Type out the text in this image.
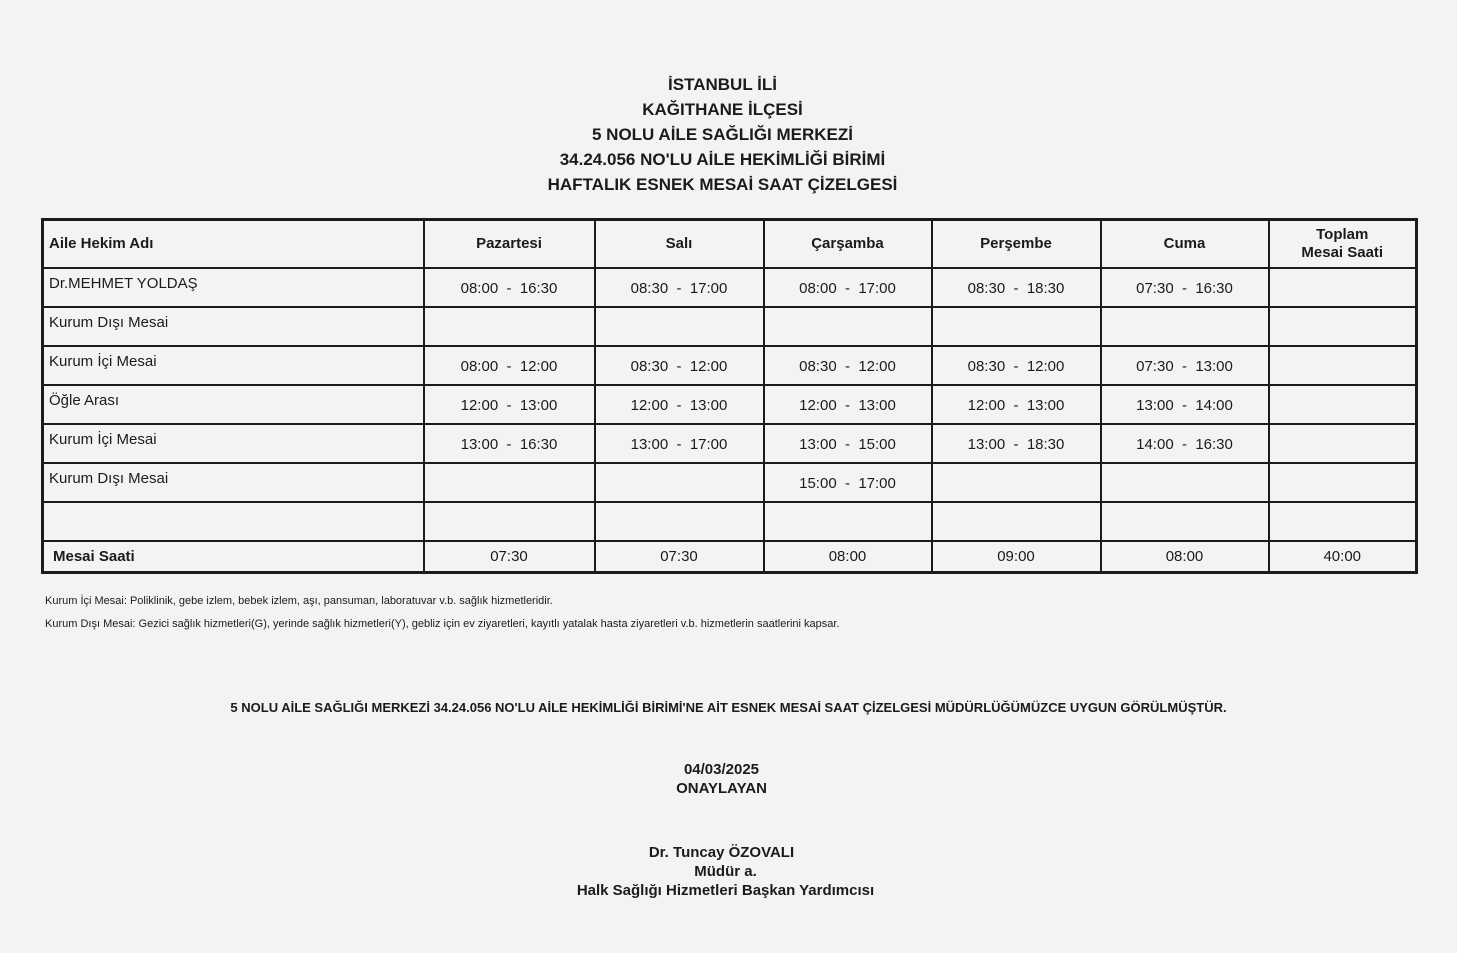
İSTANBUL İLİ
KAĞITHANE İLÇESİ
5 NOLU AİLE SAĞLIĞI MERKEZİ
34.24.056 NO'LU AİLE HEKİMLİĞİ BİRİMİ
HAFTALIK ESNEK MESAİ SAAT ÇİZELGESİ
Aile Hekim Adı	Pazartesi	Salı	Çarşamba	Perşembe	Cuma	Toplam
Mesai Saati
Dr.MEHMET YOLDAŞ	08:00  -  16:30	08:30  -  17:00	08:00  -  17:00	08:30  -  18:30	07:30  -  16:30	
Kurum Dışı Mesai						
Kurum İçi Mesai	08:00  -  12:00	08:30  -  12:00	08:30  -  12:00	08:30  -  12:00	07:30  -  13:00	
Öğle Arası	12:00  -  13:00	12:00  -  13:00	12:00  -  13:00	12:00  -  13:00	13:00  -  14:00	
Kurum İçi Mesai	13:00  -  16:30	13:00  -  17:00	13:00  -  15:00	13:00  -  18:30	14:00  -  16:30	
Kurum Dışı Mesai			15:00  -  17:00			

Mesai Saati	07:30	07:30	08:00	09:00	08:00	40:00
Kurum İçi Mesai: Poliklinik, gebe izlem, bebek izlem, aşı, pansuman, laboratuvar v.b. sağlık hizmetleridir.
Kurum Dışı Mesai: Gezici sağlık hizmetleri(G), yerinde sağlık hizmetleri(Y), gebliz için ev ziyaretleri, kayıtlı yatalak hasta ziyaretleri v.b. hizmetlerin saatlerini kapsar.
5 NOLU AİLE SAĞLIĞI MERKEZİ 34.24.056 NO'LU AİLE HEKİMLİĞİ BİRİMİ'NE AİT ESNEK MESAİ SAAT ÇİZELGESİ MÜDÜRLÜĞÜMÜZCE UYGUN GÖRÜLMÜŞTÜR.
04/03/2025
ONAYLAYAN
Dr. Tuncay ÖZOVALI
Müdür a.
Halk Sağlığı Hizmetleri Başkan Yardımcısı
